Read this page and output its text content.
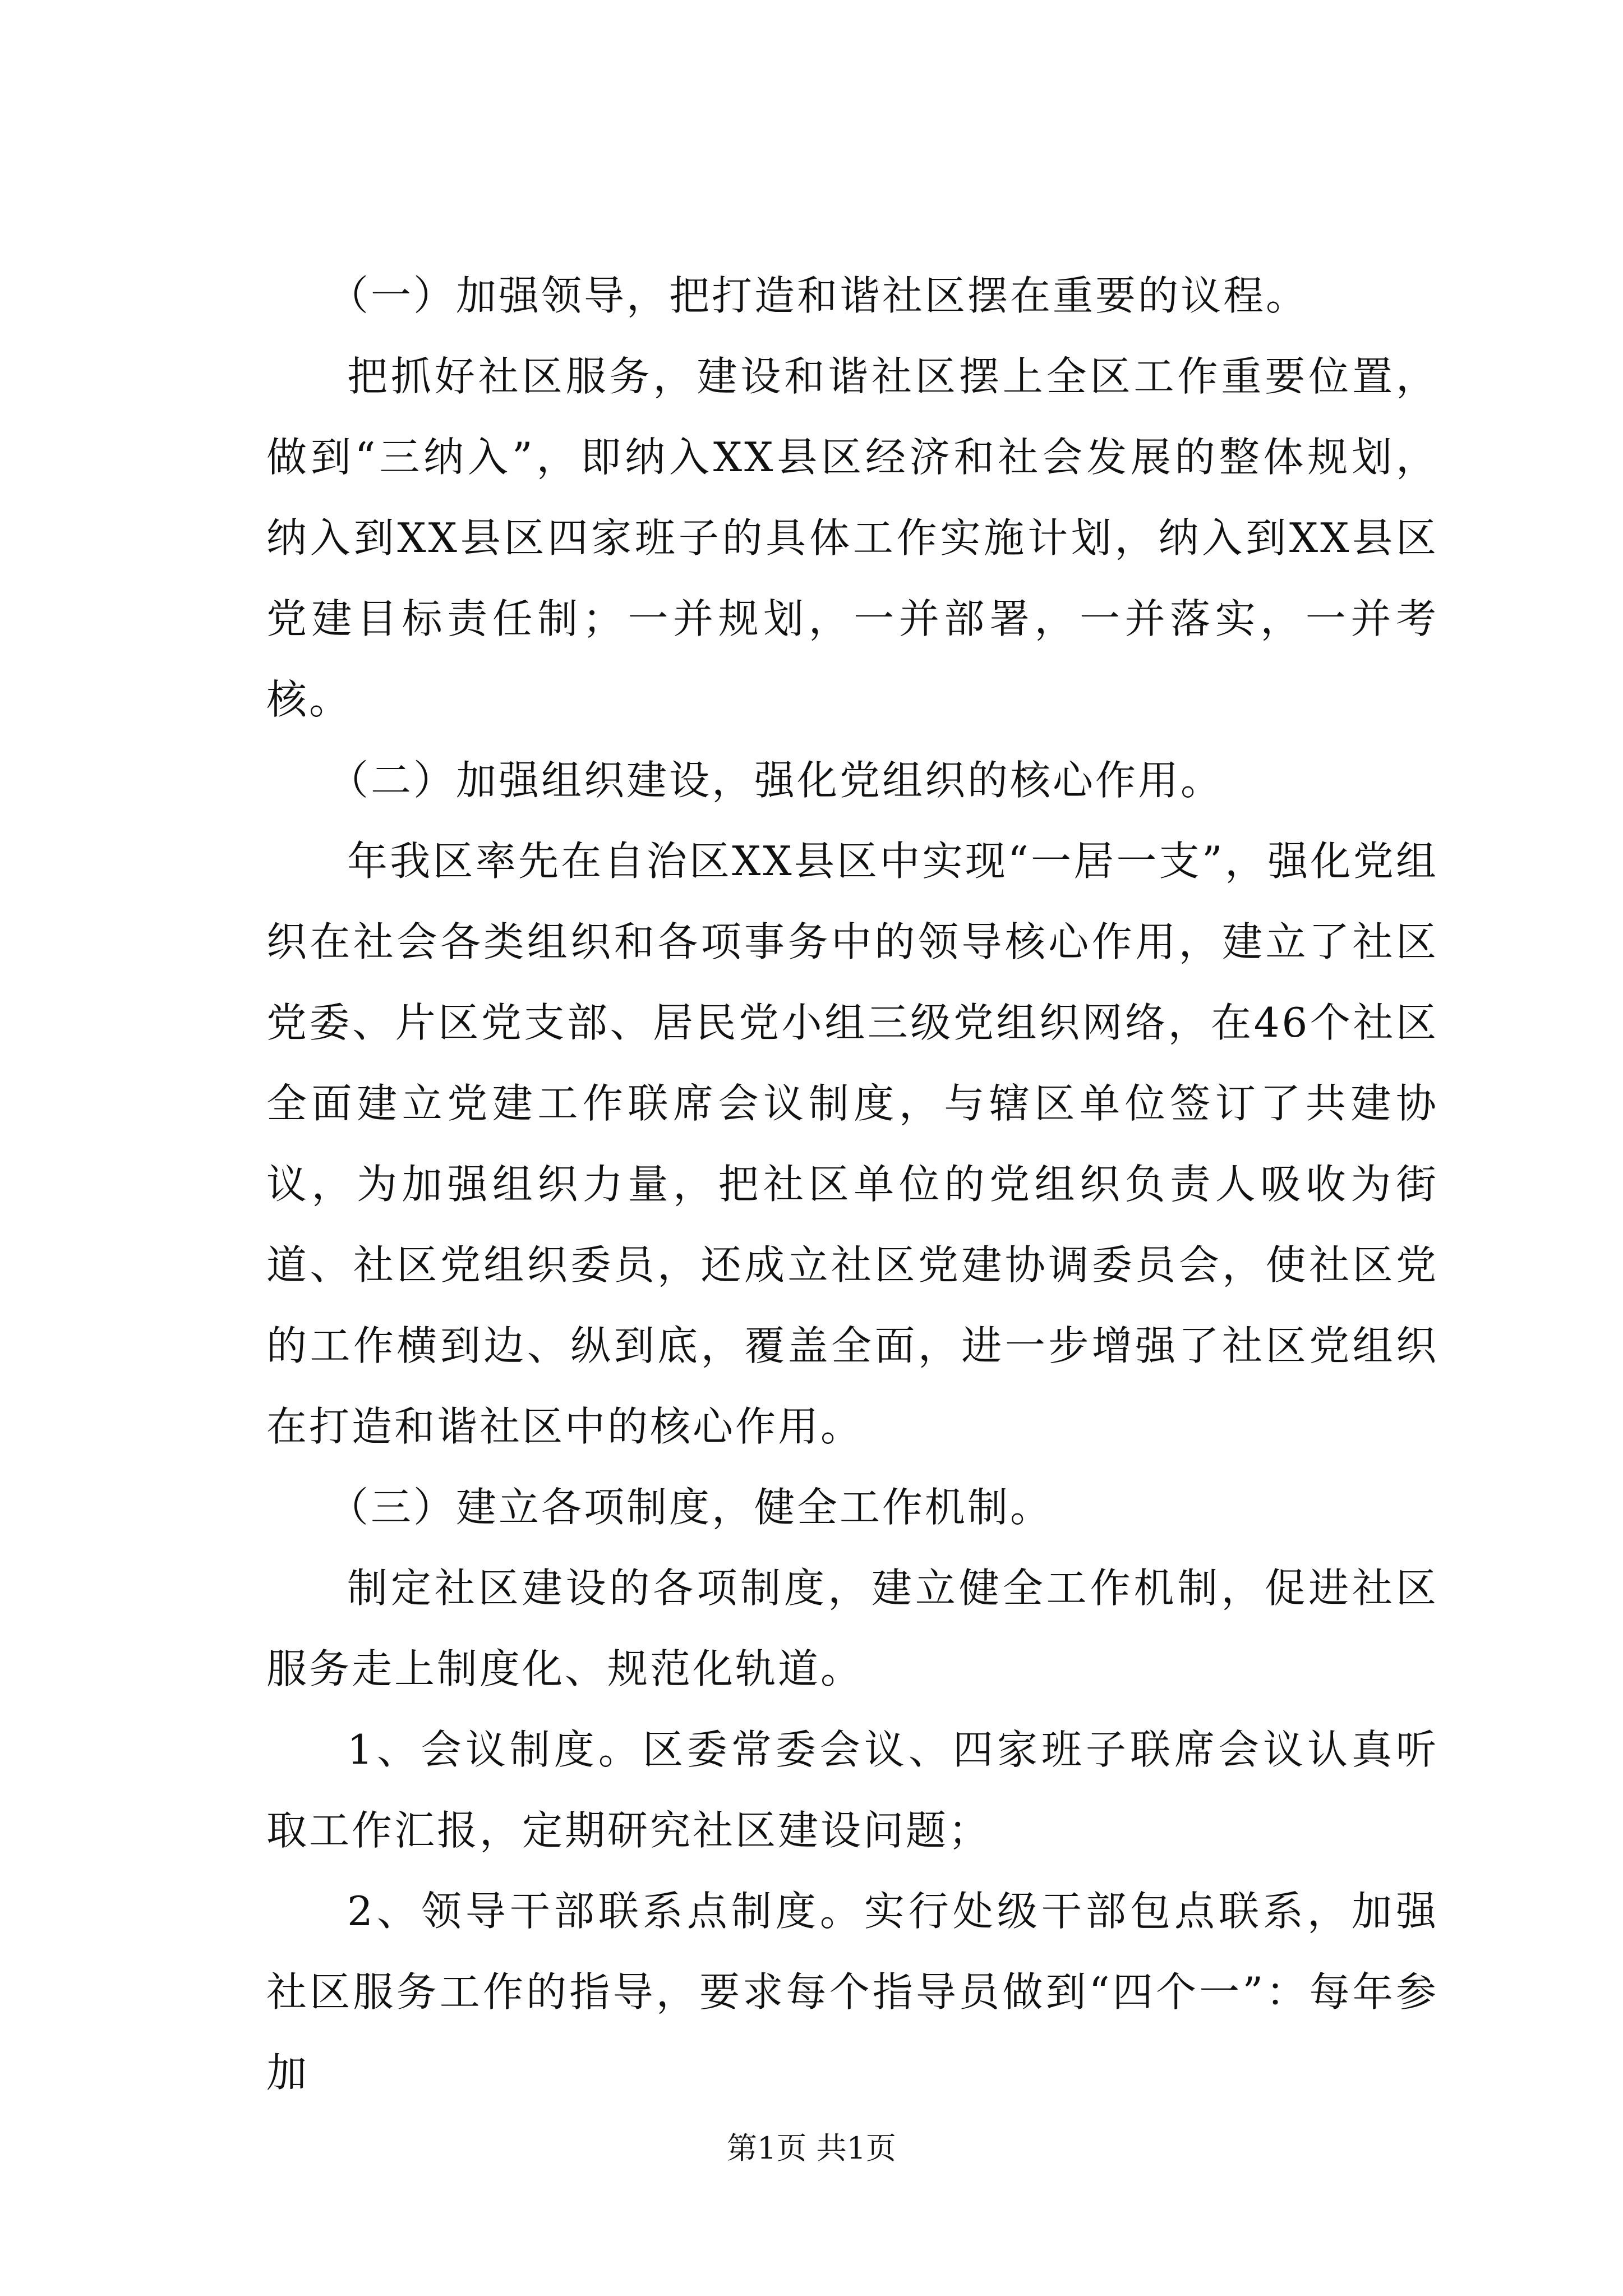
（一）加强领导，把打造和谐社区摆在重要的议程。

把抓好社区服务，建设和谐社区摆上全区工作重要位置，做到“三纳入”，即纳入XX县区经济和社会发展的整体规划，纳入到XX县区四家班子的具体工作实施计划，纳入到XX县区党建目标责任制；一并规划，一并部署，一并落实，一并考核。

（二）加强组织建设，强化党组织的核心作用。

年我区率先在自治区XX县区中实现“一居一支”，强化党组织在社会各类组织和各项事务中的领导核心作用，建立了社区党委、片区党支部、居民党小组三级党组织网络，在46个社区全面建立党建工作联席会议制度，与辖区单位签订了共建协议，为加强组织力量，把社区单位的党组织负责人吸收为街道、社区党组织委员，还成立社区党建协调委员会，使社区党的工作横到边、纵到底，覆盖全面，进一步增强了社区党组织在打造和谐社区中的核心作用。

（三）建立各项制度，健全工作机制。

制定社区建设的各项制度，建立健全工作机制，促进社区服务走上制度化、规范化轨道。

1、会议制度。区委常委会议、四家班子联席会议认真听取工作汇报，定期研究社区建设问题；

2、领导干部联系点制度。实行处级干部包点联系，加强社区服务工作的指导，要求每个指导员做到“四个一”：每年参加

第1页 共1页
